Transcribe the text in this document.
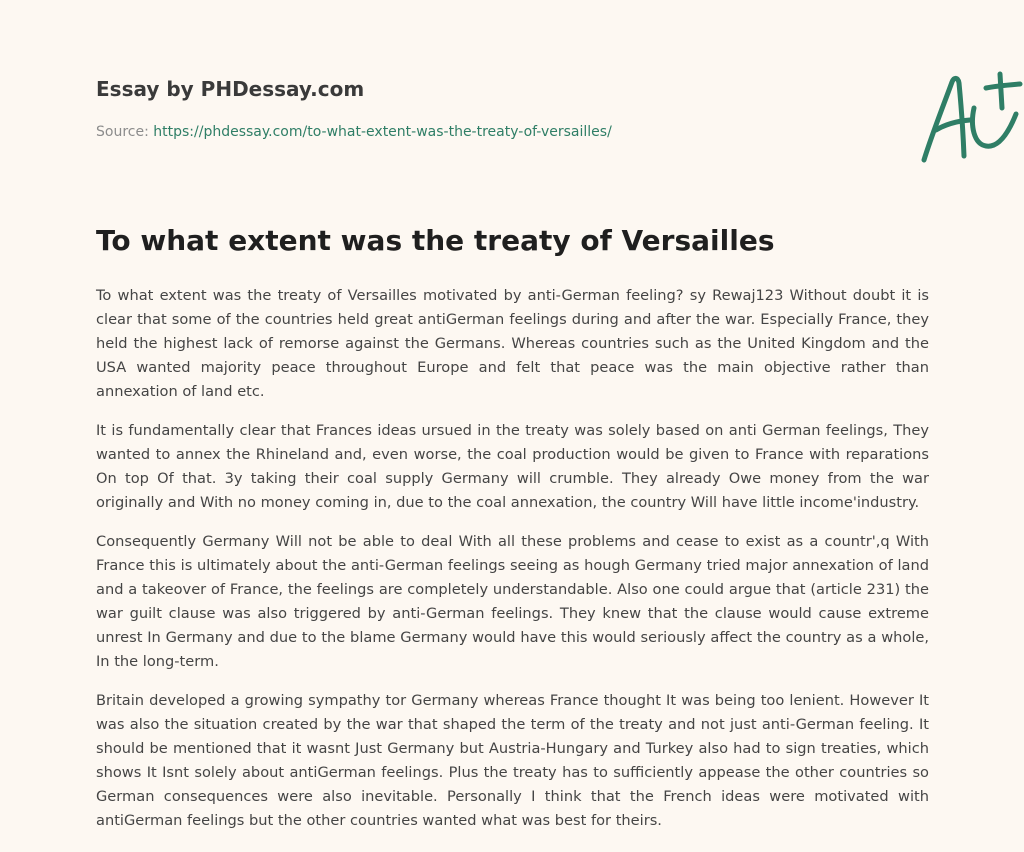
Essay by PHDessay.com
Source: https://phdessay.com/to-what-extent-was-the-treaty-of-versailles/
To what extent was the treaty of Versailles

To what extent was the treaty of Versailles motivated by anti-German feeling? sy Rewaj123 Without doubt it is clear that some of the countries held great antiGerman feelings during and after the war. Especially France, they held the highest lack of remorse against the Germans. Whereas countries such as the United Kingdom and the USA wanted majority peace throughout Europe and felt that peace was the main objective rather than annexation of land etc.

It is fundamentally clear that Frances ideas ursued in the treaty was solely based on anti German feelings, They wanted to annex the Rhineland and, even worse, the coal production would be given to France with reparations On top Of that. 3y taking their coal supply Germany will crumble. They already Owe money from the war originally and With no money coming in, due to the coal annexation, the country Will have little income'industry.

Consequently Germany Will not be able to deal With all these problems and cease to exist as a countr',q With France this is ultimately about the anti-German feelings seeing as hough Germany tried major annexation of land and a takeover of France, the feelings are completely understandable. Also one could argue that (article 231) the war guilt clause was also triggered by anti-German feelings. They knew that the clause would cause extreme unrest In Germany and due to the blame Germany would have this would seriously affect the country as a whole, In the long-term.

Britain developed a growing sympathy tor Germany whereas France thought It was being too lenient. However It was also the situation created by the war that shaped the term of the treaty and not just anti-German feeling. It should be mentioned that it wasnt Just Germany but Austria-Hungary and Turkey also had to sign treaties, which shows It Isnt solely about antiGerman feelings. Plus the treaty has to sufficiently appease the other countries so German consequences were also inevitable. Personally I think that the French ideas were motivated with antiGerman feelings but the other countries wanted what was best for theirs.
